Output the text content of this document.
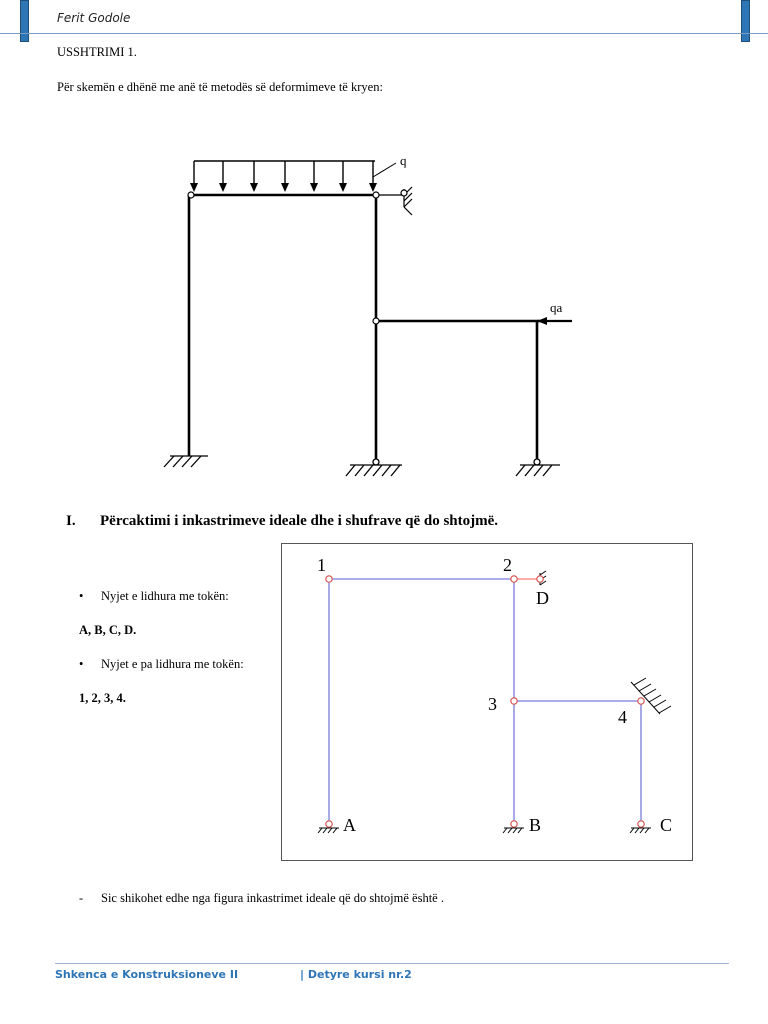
Ferit Godole
USSHTRIMI 1.
Për skemën e dhënë me anë të metodës së deformimeve të kryen:
q
qa
I. Përcaktimi i inkastrimeve ideale dhe i shufrave që do shtojmë.
• Nyjet e lidhura me tokën:
A, B, C, D.
• Nyjet e pa lidhura me tokën:
1, 2, 3, 4.
1	2
D
3
4
A	B	C
- Sic shikohet edhe nga figura inkastrimet ideale që do shtojmë është .
Shkenca e Konstruksioneve II	| Detyre kursi nr.2
